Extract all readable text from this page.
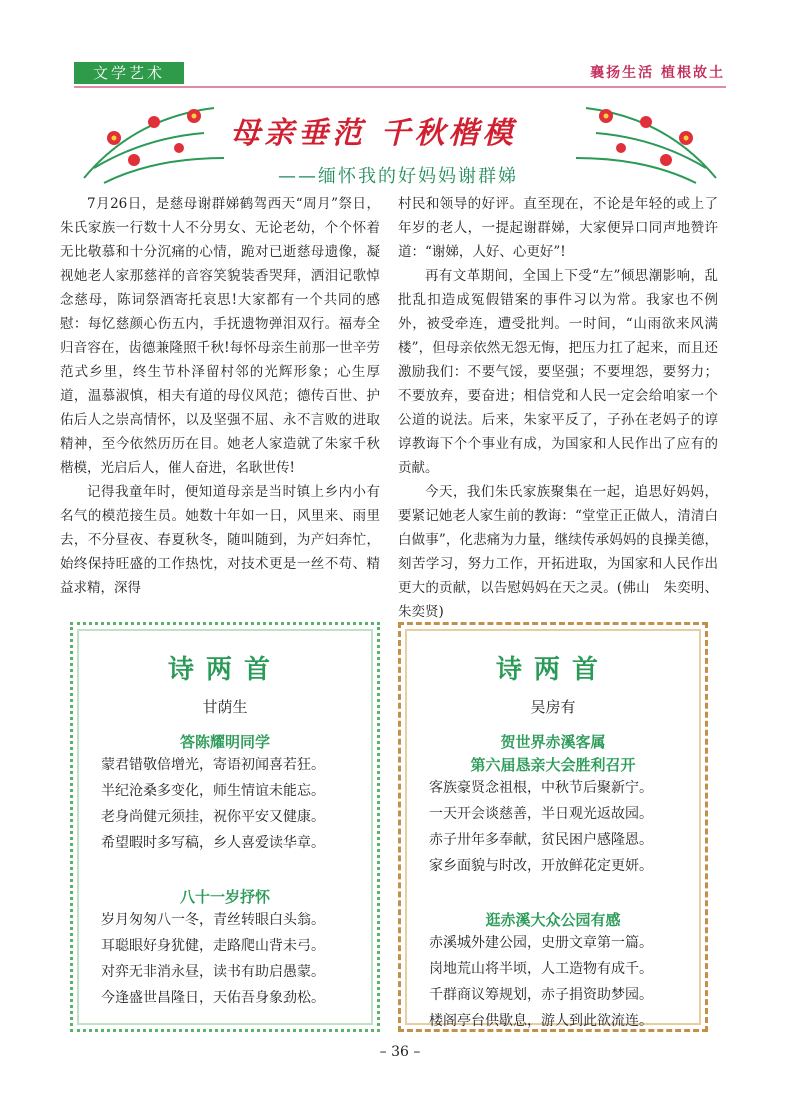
文学艺术	襄扬生活 植根故土
母亲垂范 千秋楷模
——缅怀我的好妈妈谢群娣

7月26日，是慈母谢群娣鹤驾西天“周月”祭日，朱氏家族一行数十人不分男女、无论老幼，个个怀着无比敬慕和十分沉痛的心情，跪对已逝慈母遗像，凝视她老人家那慈祥的音容笑貌装香哭拜，洒泪记歌悼念慈母，陈词祭酒寄托哀思!大家都有一个共同的感慰：每忆慈颜心伤五内，手抚遗物弹泪双行。福寿全归音容在，齿德兼隆照千秋!每怀母亲生前那一世辛劳范式乡里，终生节朴泽留村邻的光辉形象；心生厚道，温慕淑慎，相夫有道的母仪风范；德传百世、护佑后人之崇高情怀，以及坚强不屈、永不言败的进取精神，至今依然历历在目。她老人家造就了朱家千秋楷模，光启后人，催人奋进，名耿世传!

记得我童年时，便知道母亲是当时镇上乡内小有名气的模范接生员。她数十年如一日，风里来、雨里去，不分昼夜、春夏秋冬，随叫随到，为产妇奔忙，始终保持旺盛的工作热忱，对技术更是一丝不苟、精益求精，深得

村民和领导的好评。直至现在，不论是年轻的或上了年岁的老人，一提起谢群娣，大家便异口同声地赞许道：“谢娣，人好、心更好”!

再有文革期间，全国上下受“左”倾思潮影响，乱批乱扣造成冤假错案的事件习以为常。我家也不例外，被受牵连，遭受批判。一时间，“山雨欲来风满楼”，但母亲依然无怨无悔，把压力扛了起来，而且还激励我们：不要气馁，要坚强；不要埋怨，要努力；不要放弃，要奋进；相信党和人民一定会给咱家一个公道的说法。后来，朱家平反了，子孙在老妈子的谆谆教诲下个个事业有成，为国家和人民作出了应有的贡献。

今天，我们朱氏家族聚集在一起，追思好妈妈，要紧记她老人家生前的教诲：“堂堂正正做人，清清白白做事”，化悲痛为力量，继续传承妈妈的良操美德，刻苦学习，努力工作，开拓进取，为国家和人民作出更大的贡献，以告慰妈妈在天之灵。(佛山　朱奕明、朱奕贤)

诗两首
甘荫生
答陈耀明同学
蒙君错敬倍增光，寄语初闻喜若狂。
半纪沧桑多变化，师生情谊未能忘。
老身尚健元须挂，祝你平安又健康。
希望暇时多写稿，乡人喜爱读华章。
八十一岁抒怀
岁月匆匆八一冬，青丝转眼白头翁。
耳聪眼好身犹健，走路爬山背未弓。
对弈无非消永昼，读书有助启愚蒙。
今逢盛世昌隆日，天佑吾身象劲松。
诗两首
吴房有
贺世界赤溪客属
第六届恳亲大会胜利召开
客族豪贤念祖根，中秋节后聚新宁。
一天开会谈慈善，半日观光返故园。
赤子卅年多奉献，贫民困户感隆恩。
家乡面貌与时改，开放鲜花定更妍。
逛赤溪大众公园有感
赤溪城外建公园，史册文章第一篇。
岗地荒山将半顷，人工造物有成千。
千群商议筹规划，赤子捐资助梦园。
楼阁亭台供歇息，游人到此欲流连。
– 36 –
